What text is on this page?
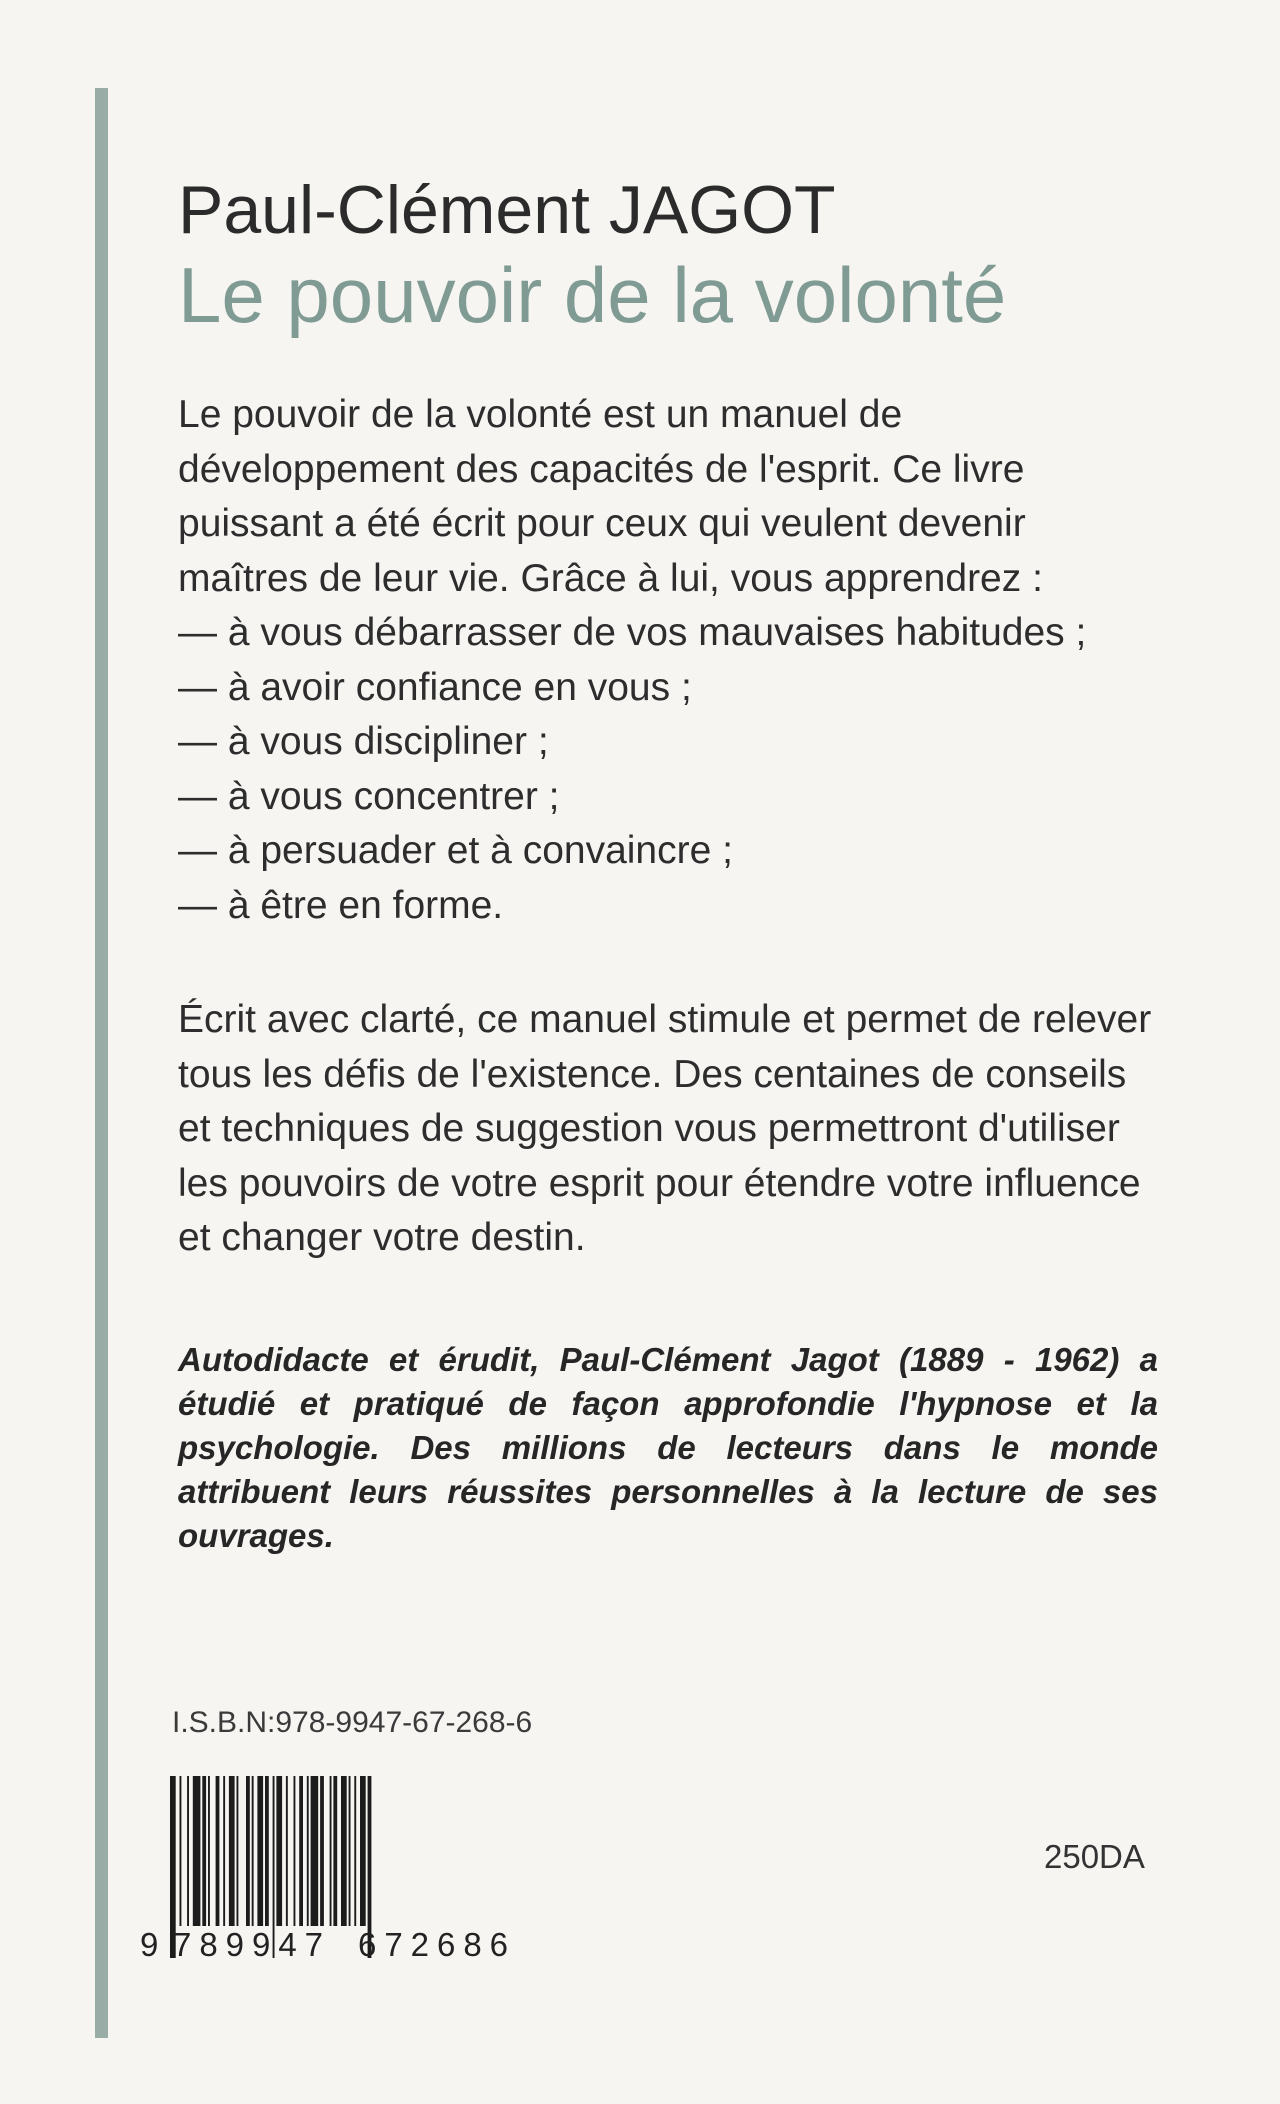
Paul-Clément JAGOT
Le pouvoir de la volonté

Le pouvoir de la volonté est un manuel de développement des capacités de l'esprit. Ce livre puissant a été écrit pour ceux qui veulent devenir maîtres de leur vie. Grâce à lui, vous apprendrez :

— à vous débarrasser de vos mauvaises habitudes ;
— à avoir confiance en vous ;
— à vous discipliner ;
— à vous concentrer ;
— à persuader et à convaincre ;
— à être en forme.

Écrit avec clarté, ce manuel stimule et permet de relever tous les défis de l'existence. Des centaines de conseils et techniques de suggestion vous permettront d'utiliser les pouvoirs de votre esprit pour étendre votre influence et changer votre destin.

Autodidacte et érudit, Paul-Clément Jagot (1889 - 1962) a étudié et pratiqué de façon approfondie l'hypnose et la psychologie. Des millions de lecteurs dans le monde attribuent leurs réussites personnelles à la lecture de ses ouvrages.

I.S.B.N:978-9947-67-268-6
9 789947 672686
250DA
